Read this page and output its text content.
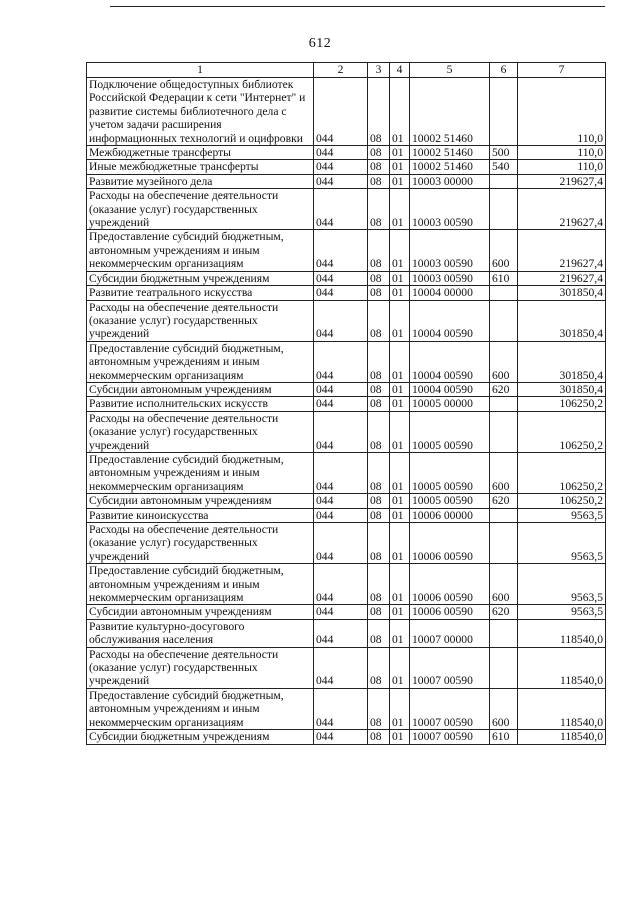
612
1	2	3	4	5	6	7
Подключение общедоступных библиотек Российской Федерации к сети "Интернет" и развитие системы библиотечного дела с учетом задачи расширения информационных технологий и оцифровки	044	08	01	10002 51460		110,0
Межбюджетные трансферты	044	08	01	10002 51460	500	110,0
Иные межбюджетные трансферты	044	08	01	10002 51460	540	110,0
Развитие музейного дела	044	08	01	10003 00000		219627,4
Расходы на обеспечение деятельности (оказание услуг) государственных учреждений	044	08	01	10003 00590		219627,4
Предоставление субсидий бюджетным, автономным учреждениям и иным некоммерческим организациям	044	08	01	10003 00590	600	219627,4
Субсидии бюджетным учреждениям	044	08	01	10003 00590	610	219627,4
Развитие театрального искусства	044	08	01	10004 00000		301850,4
Расходы на обеспечение деятельности (оказание услуг) государственных учреждений	044	08	01	10004 00590		301850,4
Предоставление субсидий бюджетным, автономным учреждениям и иным некоммерческим организациям	044	08	01	10004 00590	600	301850,4
Субсидии автономным учреждениям	044	08	01	10004 00590	620	301850,4
Развитие исполнительских искусств	044	08	01	10005 00000		106250,2
Расходы на обеспечение деятельности (оказание услуг) государственных учреждений	044	08	01	10005 00590		106250,2
Предоставление субсидий бюджетным, автономным учреждениям и иным некоммерческим организациям	044	08	01	10005 00590	600	106250,2
Субсидии автономным учреждениям	044	08	01	10005 00590	620	106250,2
Развитие киноискусства	044	08	01	10006 00000		9563,5
Расходы на обеспечение деятельности (оказание услуг) государственных учреждений	044	08	01	10006 00590		9563,5
Предоставление субсидий бюджетным, автономным учреждениям и иным некоммерческим организациям	044	08	01	10006 00590	600	9563,5
Субсидии автономным учреждениям	044	08	01	10006 00590	620	9563,5
Развитие культурно-досугового обслуживания населения	044	08	01	10007 00000		118540,0
Расходы на обеспечение деятельности (оказание услуг) государственных учреждений	044	08	01	10007 00590		118540,0
Предоставление субсидий бюджетным, автономным учреждениям и иным некоммерческим организациям	044	08	01	10007 00590	600	118540,0
Субсидии бюджетным учреждениям	044	08	01	10007 00590	610	118540,0
